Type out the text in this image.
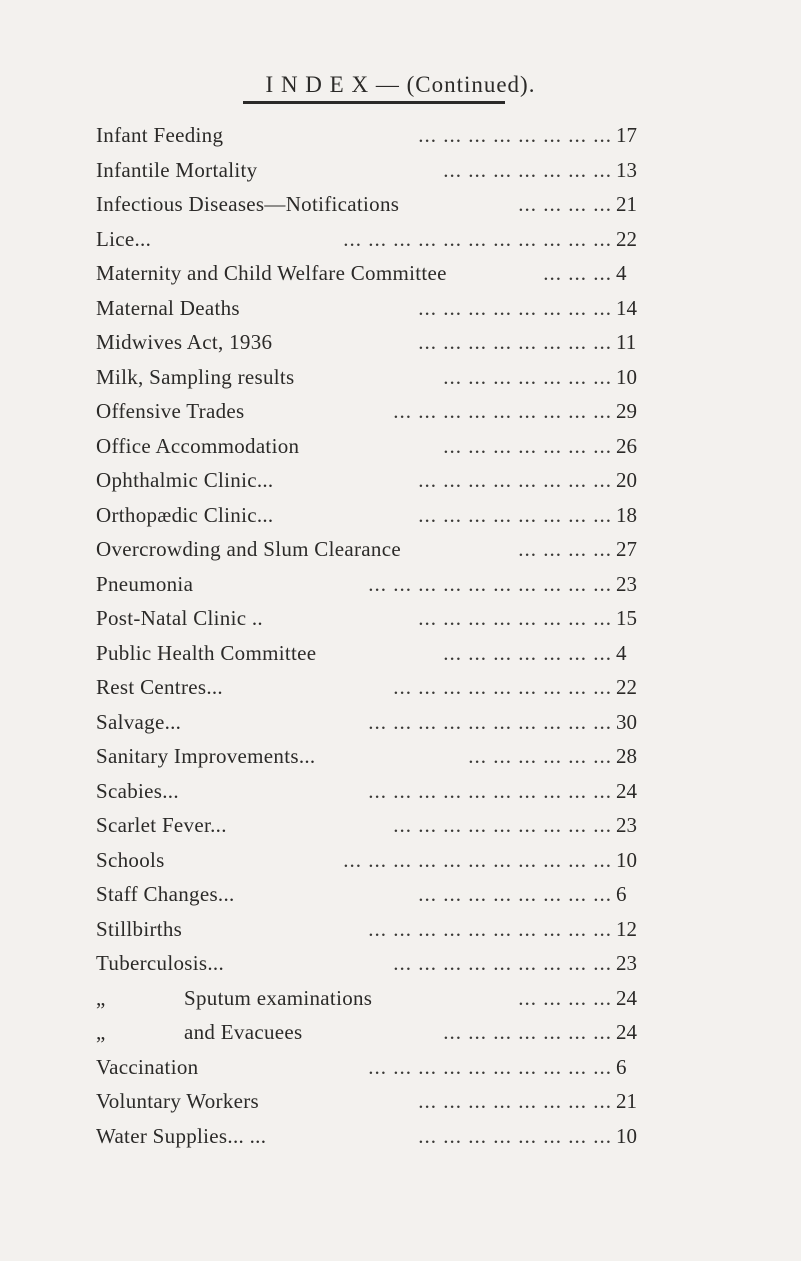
I N D E X — (Continued).
Infant Feeding	... ... ... ... ... ... ... ... 17
Infantile Mortality	... ... ... ... ... ... ... 13
Infectious Diseases—Notifications	... ... ... ... 21
Lice...	... ... ... ... ... ... ... ... ... ... ... 22
Maternity and Child Welfare Committee	... ... ... 4
Maternal Deaths	... ... ... ... ... ... ... ... 14
Midwives Act, 1936	... ... ... ... ... ... ... ... 11
Milk, Sampling results	... ... ... ... ... ... ... 10
Offensive Trades	... ... ... ... ... ... ... ... ... 29
Office Accommodation	... ... ... ... ... ... ... 26
Ophthalmic Clinic...	... ... ... ... ... ... ... ... 20
Orthopædic Clinic...	... ... ... ... ... ... ... ... 18
Overcrowding and Slum Clearance	... ... ... ... 27
Pneumonia	... ... ... ... ... ... ... ... ... ... 23
Post-Natal Clinic ..	... ... ... ... ... ... ... ... 15
Public Health Committee	... ... ... ... ... ... ... 4
Rest Centres...	... ... ... ... ... ... ... ... ... 22
Salvage...	... ... ... ... ... ... ... ... ... ... 30
Sanitary Improvements...	... ... ... ... ... ... 28
Scabies...	... ... ... ... ... ... ... ... ... ... 24
Scarlet Fever...	... ... ... ... ... ... ... ... ... 23
Schools	... ... ... ... ... ... ... ... ... ... ... 10
Staff Changes...	... ... ... ... ... ... ... ... 6
Stillbirths	... ... ... ... ... ... ... ... ... ... 12
Tuberculosis...	... ... ... ... ... ... ... ... ... 23
„	Sputum examinations	... ... ... ... 24
„	and Evacuees	... ... ... ... ... ... ... 24
Vaccination	... ... ... ... ... ... ... ... ... ... 6
Voluntary Workers	... ... ... ... ... ... ... ... 21
Water Supplies... ...	... ... ... ... ... ... ... ... 10
